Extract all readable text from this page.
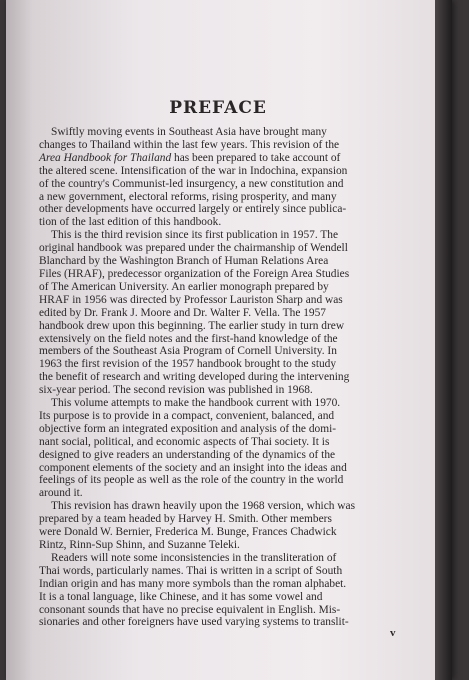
PREFACE

Swiftly moving events in Southeast Asia have brought many

changes to Thailand within the last few years. This revision of the

Area Handbook for Thailand has been prepared to take account of

the altered scene. Intensification of the war in Indochina, expansion

of the country's Communist-led insurgency, a new constitution and

a new government, electoral reforms, rising prosperity, and many

other developments have occurred largely or entirely since publica-

tion of the last edition of this handbook.

This is the third revision since its first publication in 1957. The

original handbook was prepared under the chairmanship of Wendell

Blanchard by the Washington Branch of Human Relations Area

Files (HRAF), predecessor organization of the Foreign Area Studies

of The American University. An earlier monograph prepared by

HRAF in 1956 was directed by Professor Lauriston Sharp and was

edited by Dr. Frank J. Moore and Dr. Walter F. Vella. The 1957

handbook drew upon this beginning. The earlier study in turn drew

extensively on the field notes and the first-hand knowledge of the

members of the Southeast Asia Program of Cornell University. In

1963 the first revision of the 1957 handbook brought to the study

the benefit of research and writing developed during the intervening

six-year period. The second revision was published in 1968.

This volume attempts to make the handbook current with 1970.

Its purpose is to provide in a compact, convenient, balanced, and

objective form an integrated exposition and analysis of the domi-

nant social, political, and economic aspects of Thai society. It is

designed to give readers an understanding of the dynamics of the

component elements of the society and an insight into the ideas and

feelings of its people as well as the role of the country in the world

around it.

This revision has drawn heavily upon the 1968 version, which was

prepared by a team headed by Harvey H. Smith. Other members

were Donald W. Bernier, Frederica M. Bunge, Frances Chadwick

Rintz, Rinn-Sup Shinn, and Suzanne Teleki.

Readers will note some inconsistencies in the transliteration of

Thai words, particularly names. Thai is written in a script of South

Indian origin and has many more symbols than the roman alphabet.

It is a tonal language, like Chinese, and it has some vowel and

consonant sounds that have no precise equivalent in English. Mis-

sionaries and other foreigners have used varying systems to translit-

v
